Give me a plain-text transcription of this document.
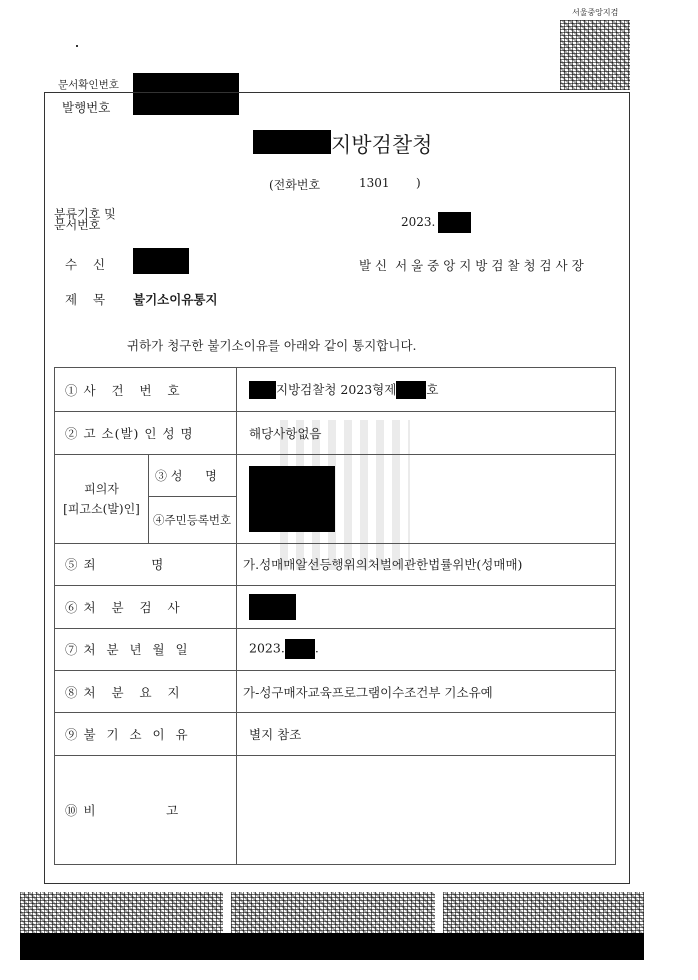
서울중앙지검
문서확인번호
발행번호
지방검찰청
(전화번호	1301 )
분류기호 및
문서번호	2023.
수    신	발 신  서 울 중 앙 지 방 검 찰 청 검 사 장
제    목 불기소이유통지
귀하가 청구한 불기소이유를 아래와 같이 통지합니다.
① 사   건   번   호		지방검찰청 2023형제 호
② 고 소(발) 인 성 명		해당사항없음

피의자
[피고소(발)인]	③ 성      명	

	④주민등록번호	
⑤ 죄           명		가.성매매알선등행위의처벌에관한법률위반(성매매)
⑥ 처   분   검   사		

⑦ 처  분  년  월  일		2023. .
⑧ 처   분   요   지		가-성구매자교육프로그램이수조건부 기소유예
⑨ 불  기  소  이  유		별지 참조
⑩ 비              고		
